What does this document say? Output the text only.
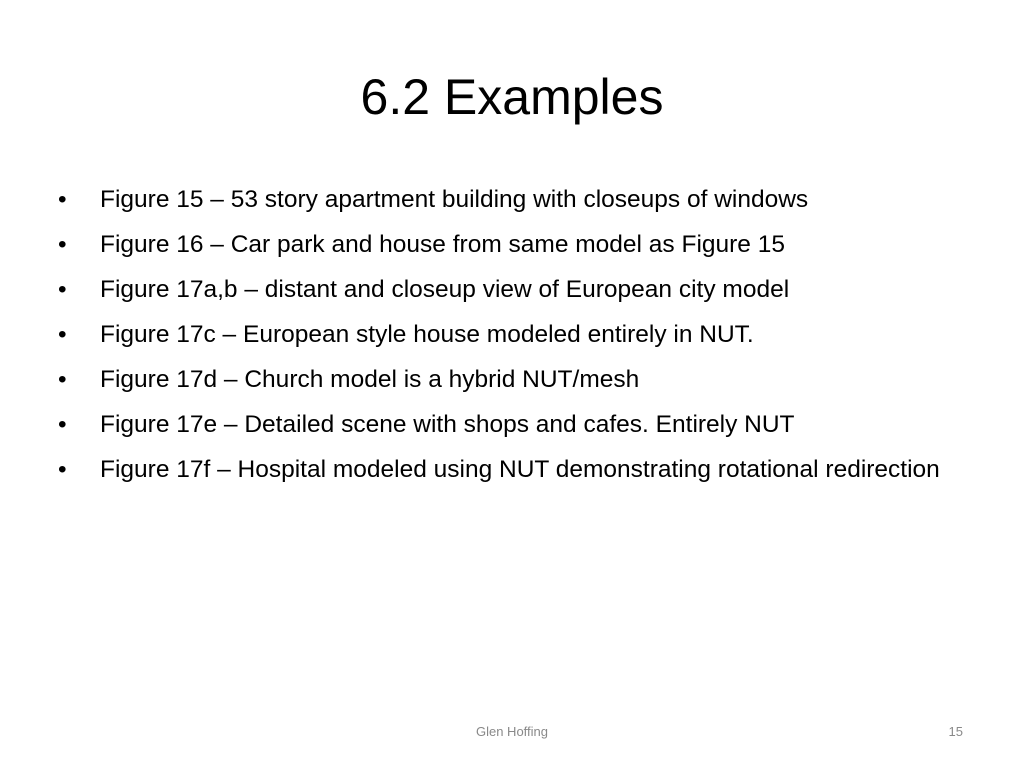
6.2 Examples
•	Figure 15 – 53 story apartment building with closeups of windows
•	Figure 16 – Car park and house from same model as Figure 15
•	Figure 17a,b – distant and closeup view of European city model
•	Figure 17c – European style house modeled entirely in NUT.
•	Figure 17d – Church model is a hybrid NUT/mesh
•	Figure 17e – Detailed scene with shops and cafes. Entirely NUT
•	Figure 17f – Hospital modeled using NUT demonstrating rotational redirection
Glen Hoffing	15
